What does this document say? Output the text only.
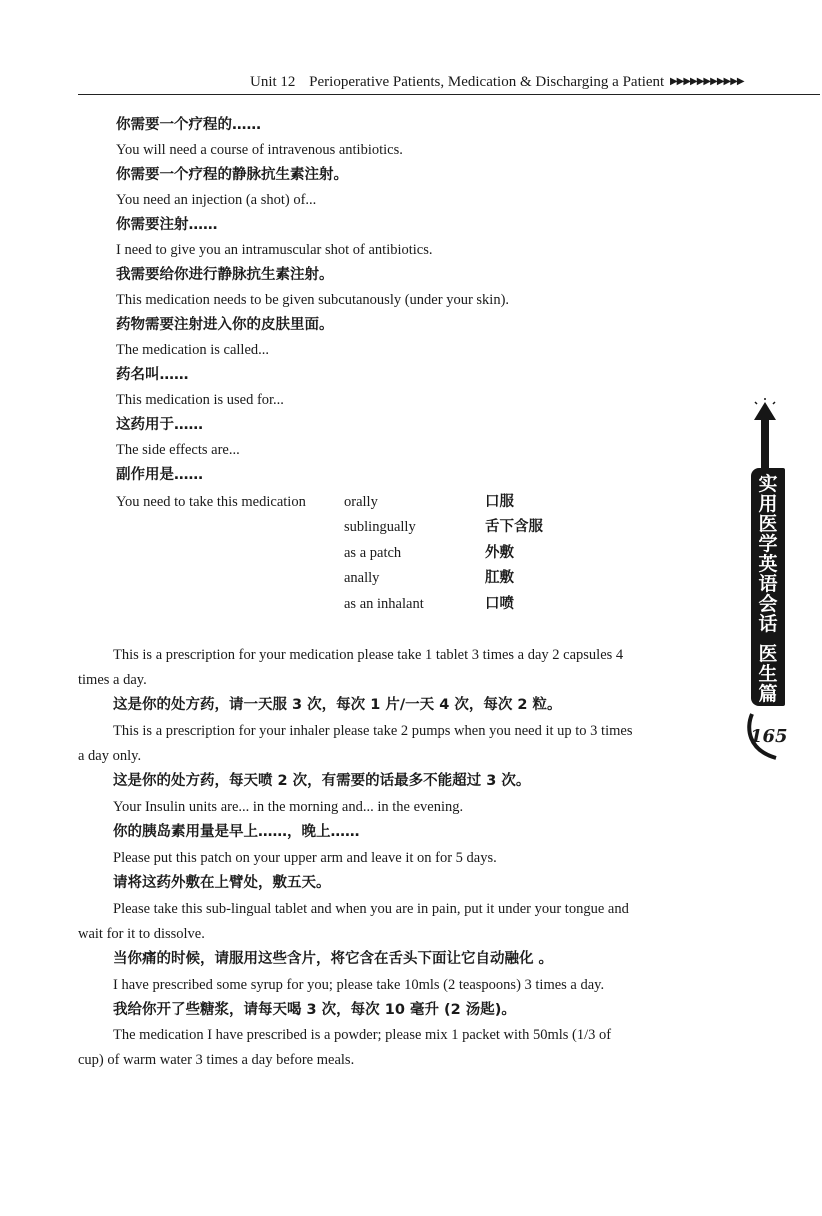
Unit 12 Perioperative Patients, Medication & Discharging a Patient ▶▶▶▶▶▶▶▶▶▶▶
你需要一个疗程的……
You will need a course of intravenous antibiotics.
你需要一个疗程的静脉抗生素注射。
You need an injection (a shot) of...
你需要注射……
I need to give you an intramuscular shot of antibiotics.
我需要给你进行静脉抗生素注射。
This medication needs to be given subcutanously (under your skin).
药物需要注射进入你的皮肤里面。
The medication is called...
药名叫……
This medication is used for...
这药用于……
The side effects are...
副作用是……
You need to take this medication	orally	口服
sublingually	舌下含服
as a patch	外敷
anally	肛敷
as an inhalant	口喷
This is a prescription for your medication please take 1 tablet 3 times a day 2 capsules 4
times a day.
这是你的处方药，请一天服 3 次，每次 1 片/一天 4 次，每次 2 粒。
This is a prescription for your inhaler please take 2 pumps when you need it up to 3 times
a day only.
这是你的处方药，每天喷 2 次，有需要的话最多不能超过 3 次。
Your Insulin units are... in the morning and... in the evening.
你的胰岛素用量是早上……，晚上……
Please put this patch on your upper arm and leave it on for 5 days.
请将这药外敷在上臂处，敷五天。
Please take this sub-lingual tablet and when you are in pain, put it under your tongue and
wait for it to dissolve.
当你痛的时候，请服用这些含片，将它含在舌头下面让它自动融化 。
I have prescribed some syrup for you; please take 10mls (2 teaspoons) 3 times a day.
我给你开了些糖浆，请每天喝 3 次，每次 10 毫升 (2 汤匙)。
The medication I have prescribed is a powder; please mix 1 packet with 50mls (1/3 of
cup) of warm water 3 times a day before meals.
实
用
医
学
英
语
会
话
医
生
篇
165
